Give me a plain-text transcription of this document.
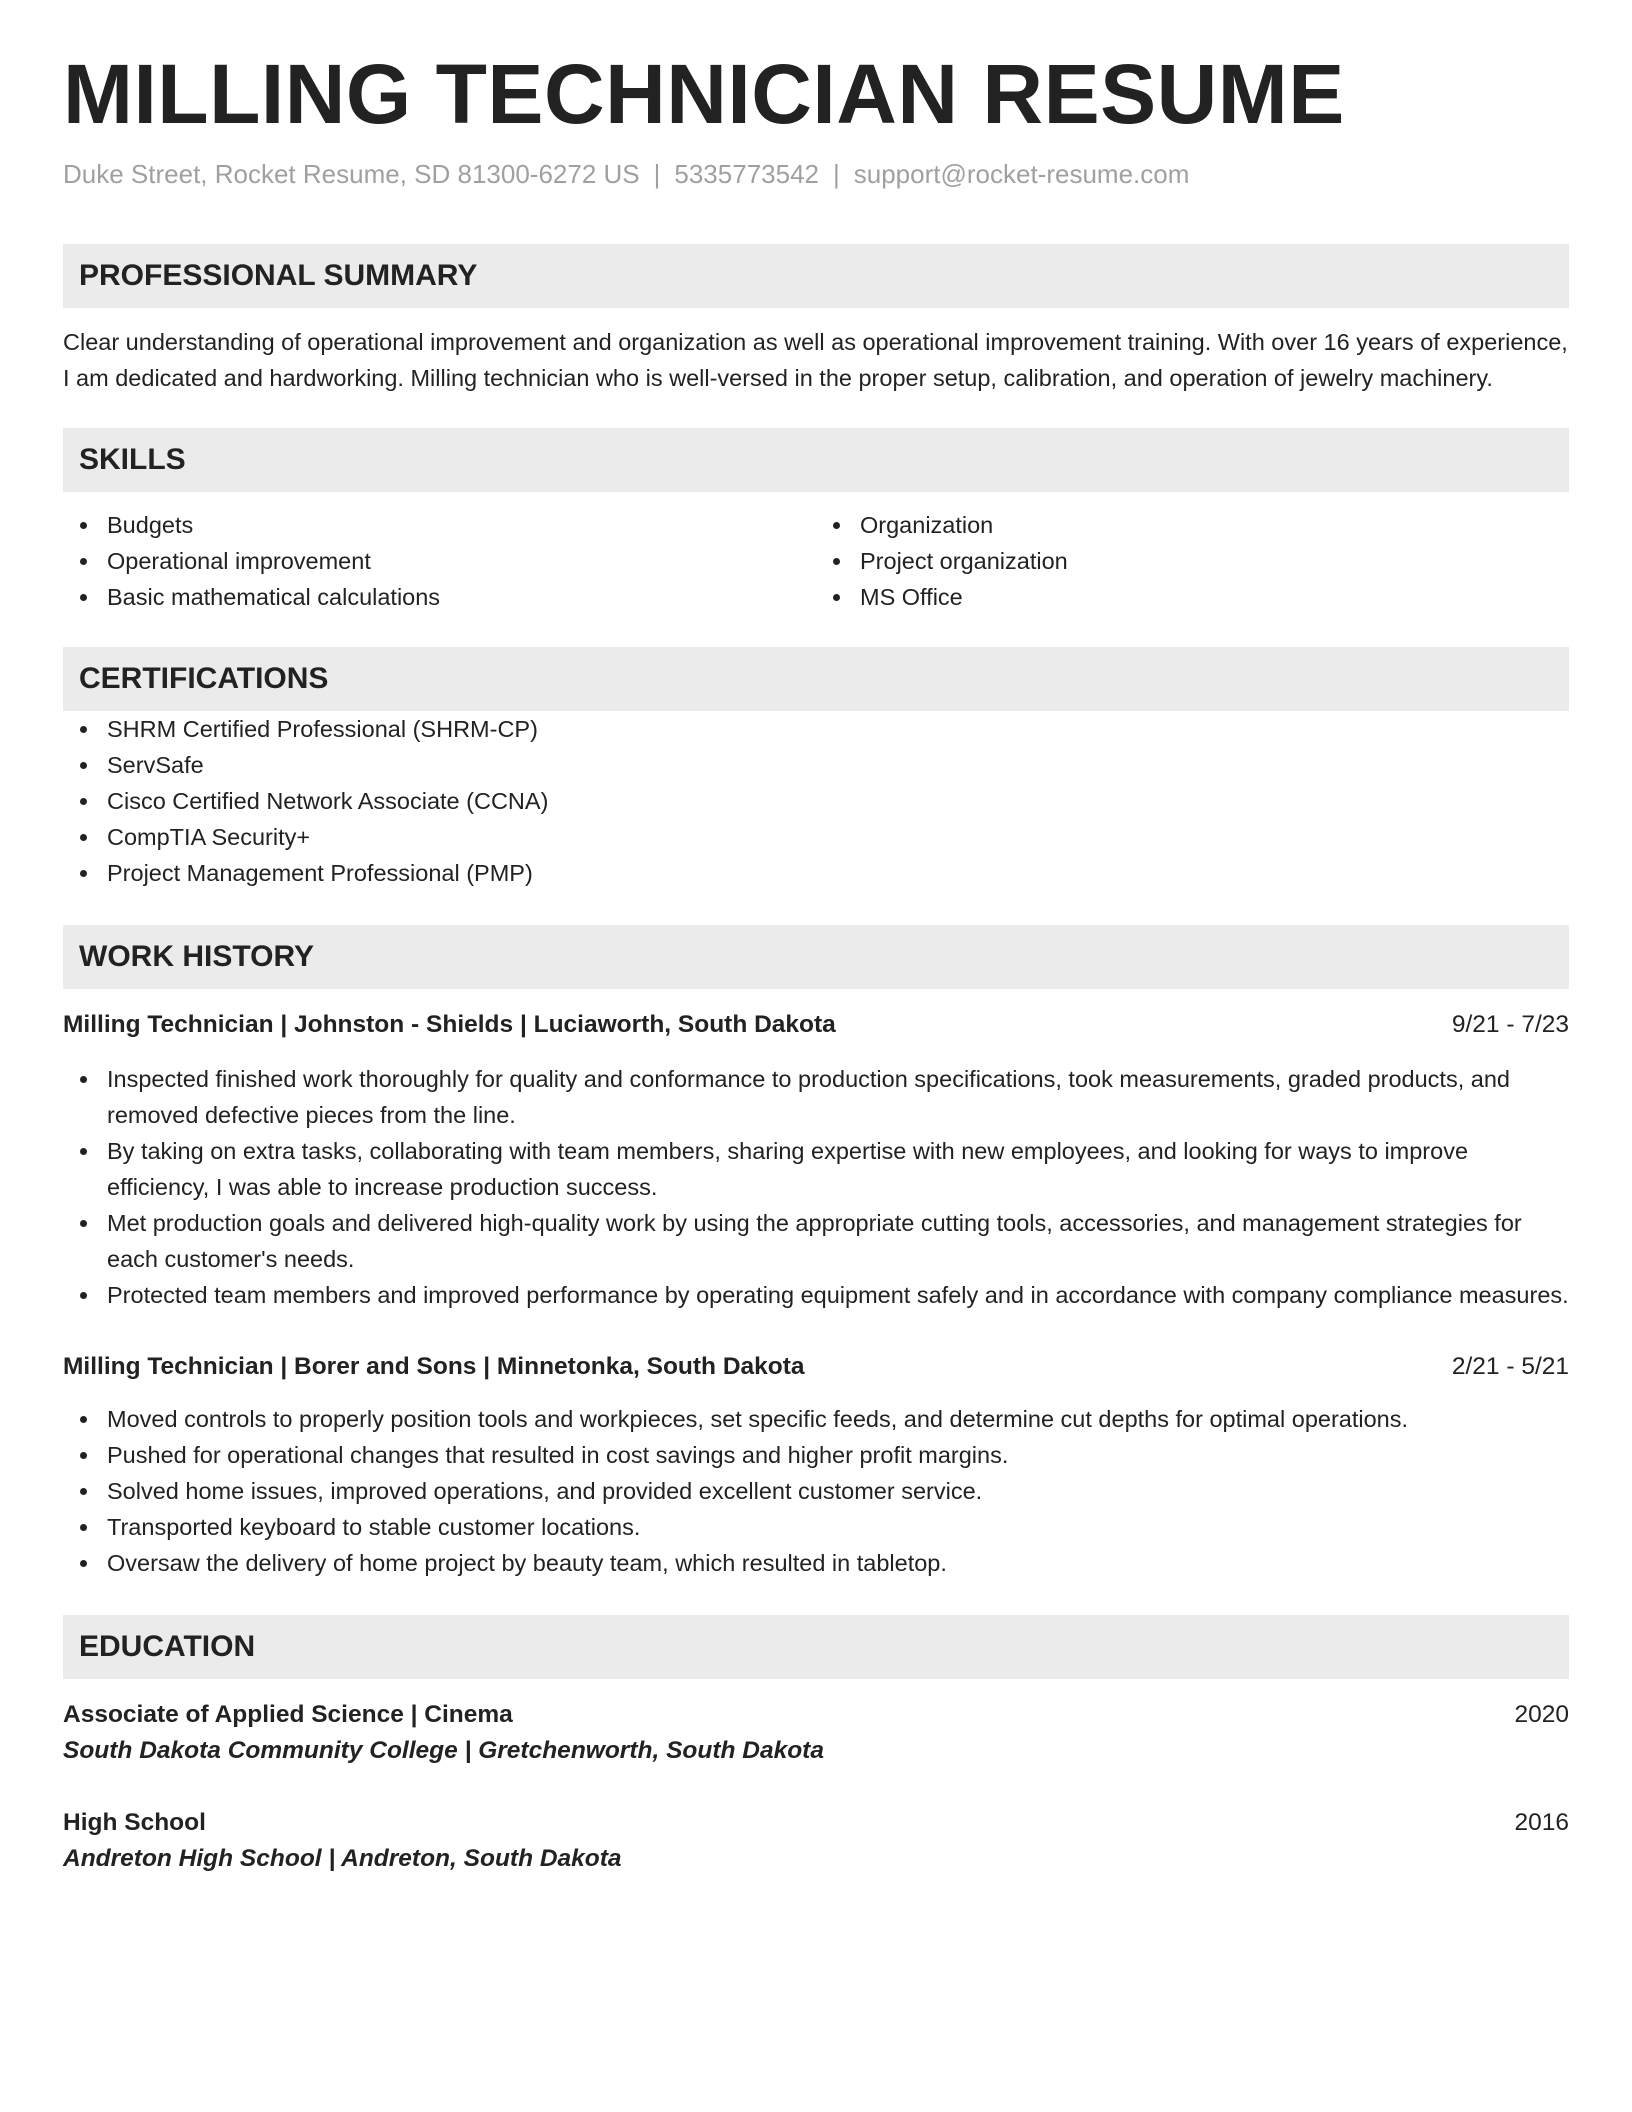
MILLING TECHNICIAN RESUME
Duke Street, Rocket Resume, SD 81300-6272 US | 5335773542 | support@rocket-resume.com
PROFESSIONAL SUMMARY
Clear understanding of operational improvement and organization as well as operational improvement training. With over 16 years of experience, I am dedicated and hardworking. Milling technician who is well-versed in the proper setup, calibration, and operation of jewelry machinery.
SKILLS
Budgets
Operational improvement
Basic mathematical calculations
Organization
Project organization
MS Office
CERTIFICATIONS
SHRM Certified Professional (SHRM-CP)
ServSafe
Cisco Certified Network Associate (CCNA)
CompTIA Security+
Project Management Professional (PMP)
WORK HISTORY
Milling Technician | Johnston - Shields | Luciaworth, South Dakota	9/21 - 7/23
Inspected finished work thoroughly for quality and conformance to production specifications, took measurements, graded products, and removed defective pieces from the line.
By taking on extra tasks, collaborating with team members, sharing expertise with new employees, and looking for ways to improve efficiency, I was able to increase production success.
Met production goals and delivered high-quality work by using the appropriate cutting tools, accessories, and management strategies for each customer's needs.
Protected team members and improved performance by operating equipment safely and in accordance with company compliance measures.
Milling Technician | Borer and Sons | Minnetonka, South Dakota	2/21 - 5/21
Moved controls to properly position tools and workpieces, set specific feeds, and determine cut depths for optimal operations.
Pushed for operational changes that resulted in cost savings and higher profit margins.
Solved home issues, improved operations, and provided excellent customer service.
Transported keyboard to stable customer locations.
Oversaw the delivery of home project by beauty team, which resulted in tabletop.
EDUCATION
Associate of Applied Science | Cinema	2020
South Dakota Community College | Gretchenworth, South Dakota
High School	2016
Andreton High School | Andreton, South Dakota
